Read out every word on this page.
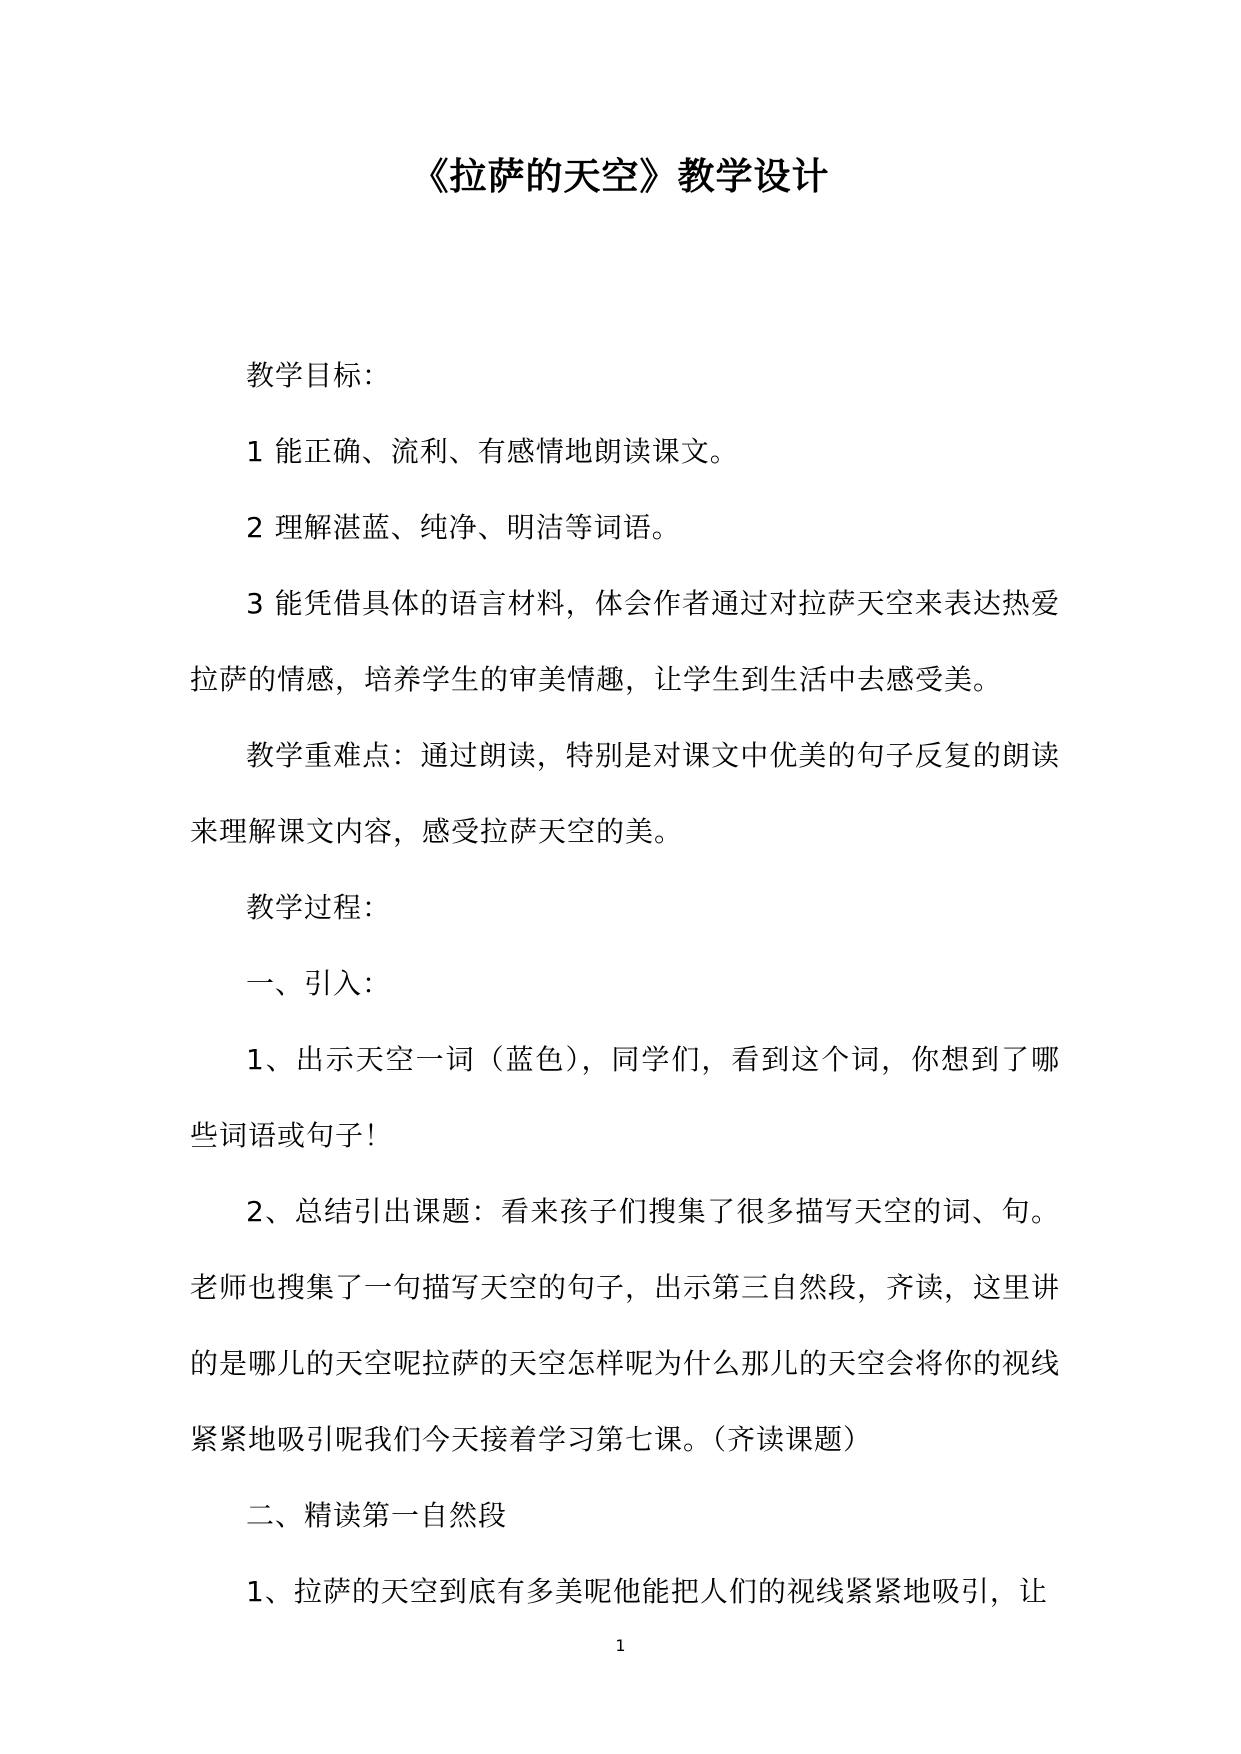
《拉萨的天空》教学设计

教学目标：

1 能正确、流利、有感情地朗读课文。

2 理解湛蓝、纯净、明洁等词语。

3 能凭借具体的语言材料，体会作者通过对拉萨天空来表达热爱拉萨的情感，培养学生的审美情趣，让学生到生活中去感受美。

教学重难点：通过朗读，特别是对课文中优美的句子反复的朗读来理解课文内容，感受拉萨天空的美。

教学过程：

一、引入：

1、出示天空一词（蓝色），同学们，看到这个词，你想到了哪些词语或句子！

2、总结引出课题：看来孩子们搜集了很多描写天空的词、句。老师也搜集了一句描写天空的句子，出示第三自然段，齐读，这里讲的是哪儿的天空呢拉萨的天空怎样呢为什么那儿的天空会将你的视线紧紧地吸引呢我们今天接着学习第七课。（齐读课题）

二、精读第一自然段

1、拉萨的天空到底有多美呢他能把人们的视线紧紧地吸引，让

1
